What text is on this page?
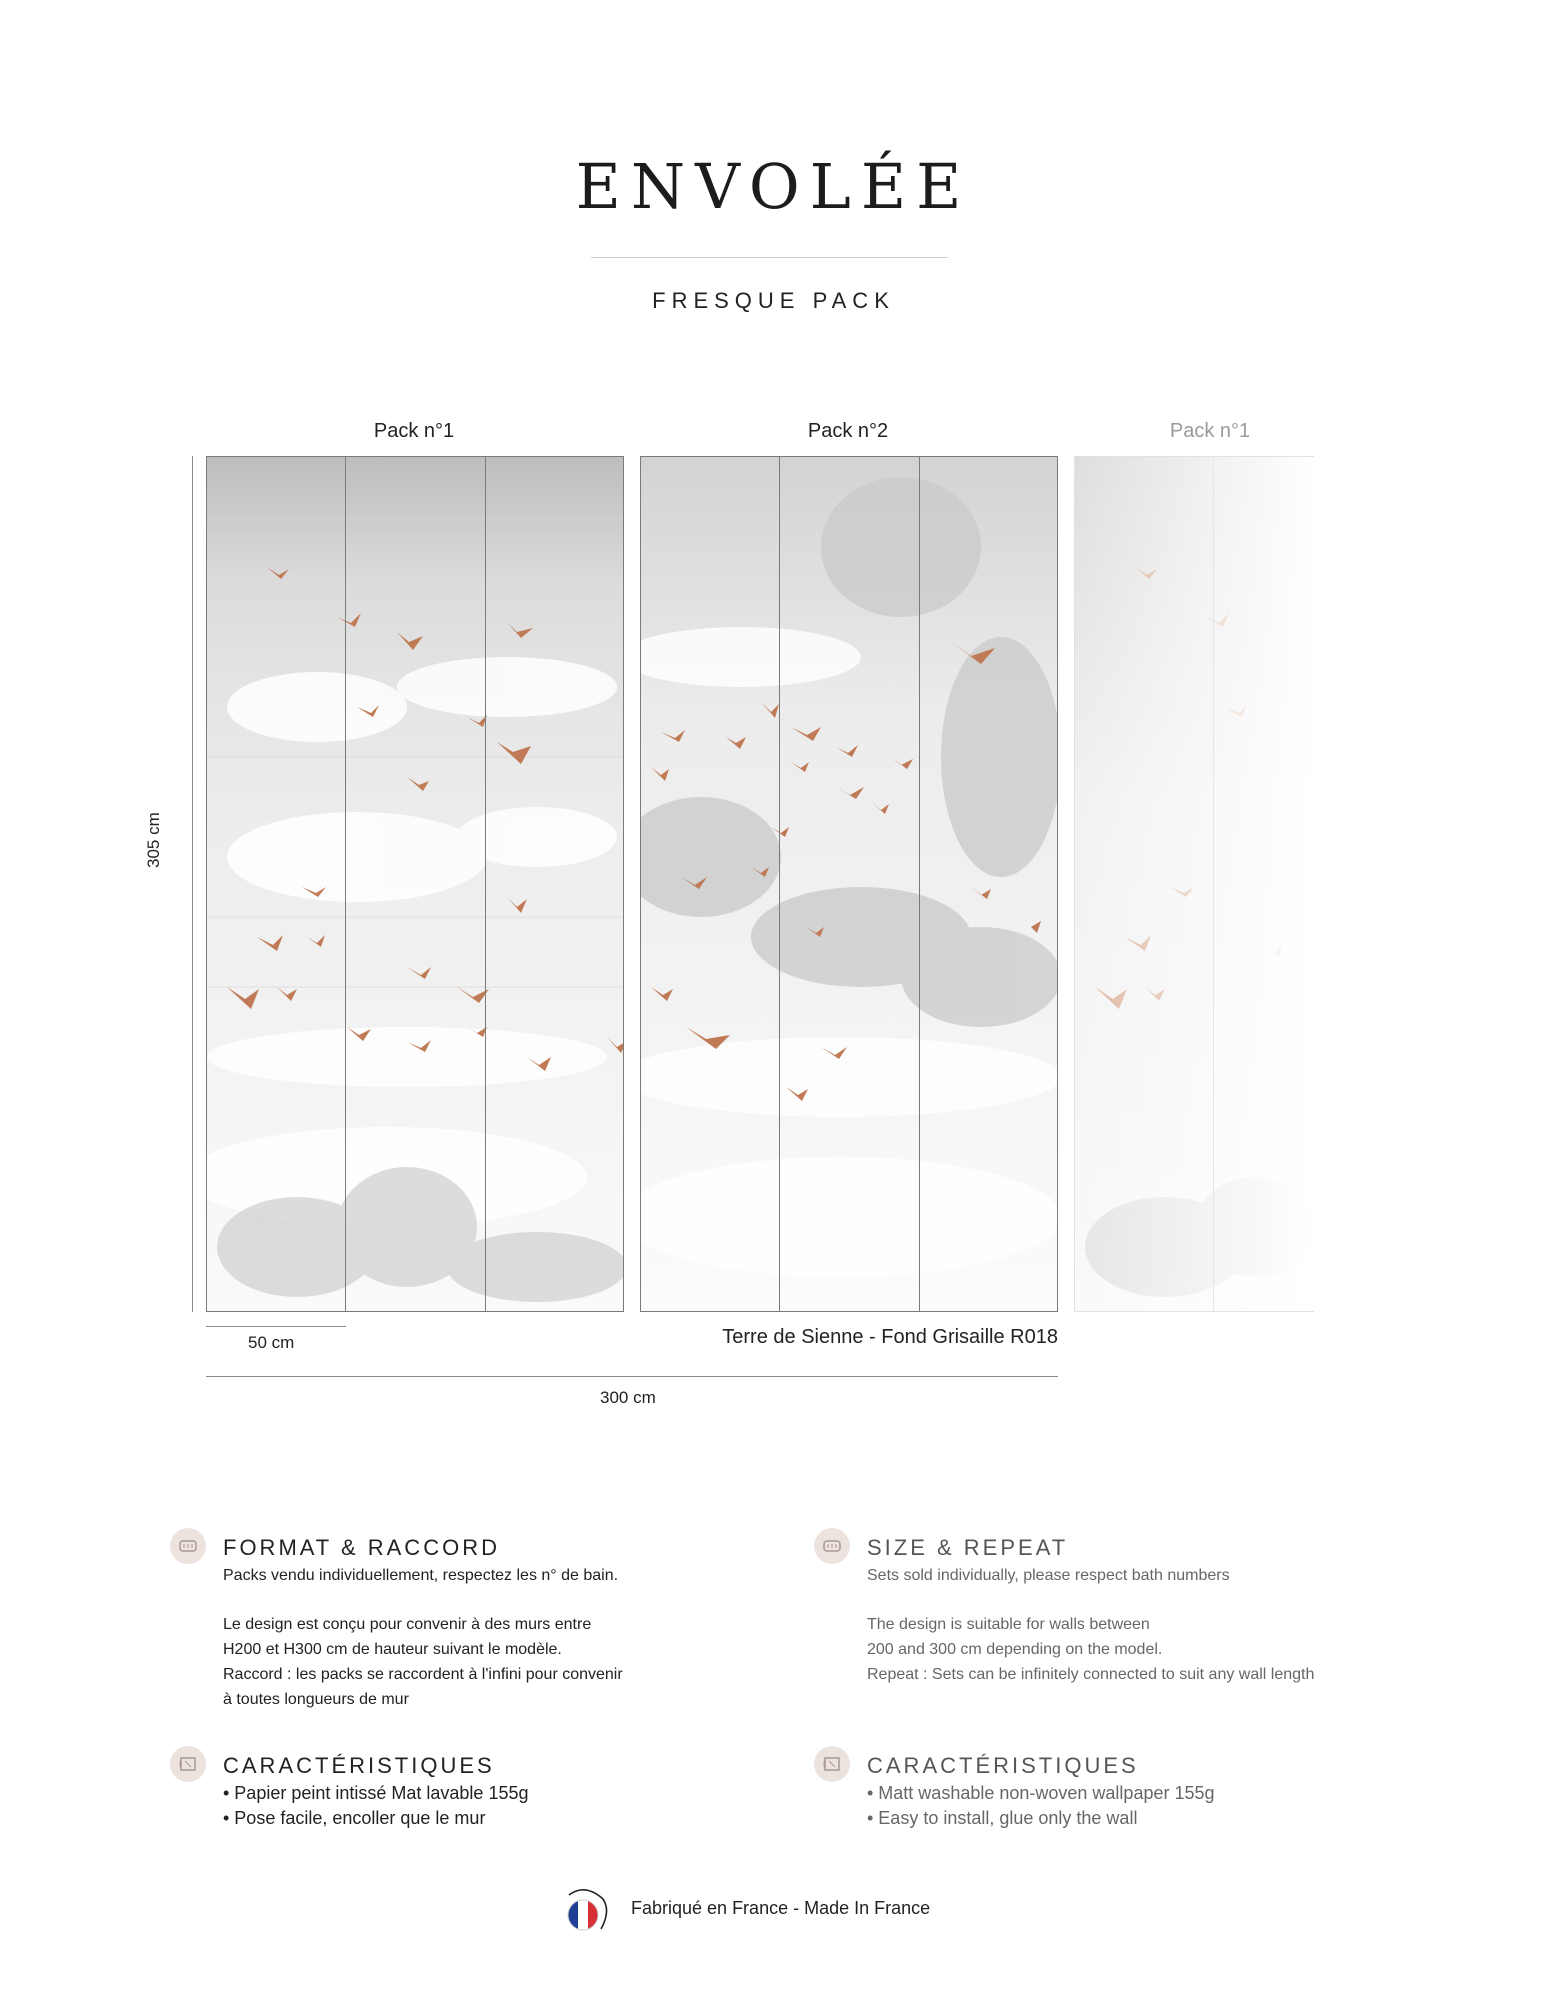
ENVOLÉE
FRESQUE PACK
Pack n°1	Pack n°2	Pack n°1
305 cm
50 cm	Terre de Sienne - Fond Grisaille R018
300 cm
FORMAT & RACCORD
Packs vendu individuellement, respectez les n° de bain.
Le design est conçu pour convenir à des murs entre
H200 et H300 cm de hauteur suivant le modèle.
Raccord : les packs se raccordent à l'infini pour convenir
à toutes longueurs de mur
SIZE & REPEAT
Sets sold individually, please respect bath numbers
The design is suitable for walls between
200 and 300 cm depending on the model.
Repeat : Sets can be infinitely connected to suit any wall length
CARACTÉRISTIQUES
• Papier peint intissé Mat lavable 155g
• Pose facile, encoller que le mur
CARACTÉRISTIQUES
• Matt washable non-woven wallpaper 155g
• Easy to install, glue only the wall
Fabriqué en France - Made In France
